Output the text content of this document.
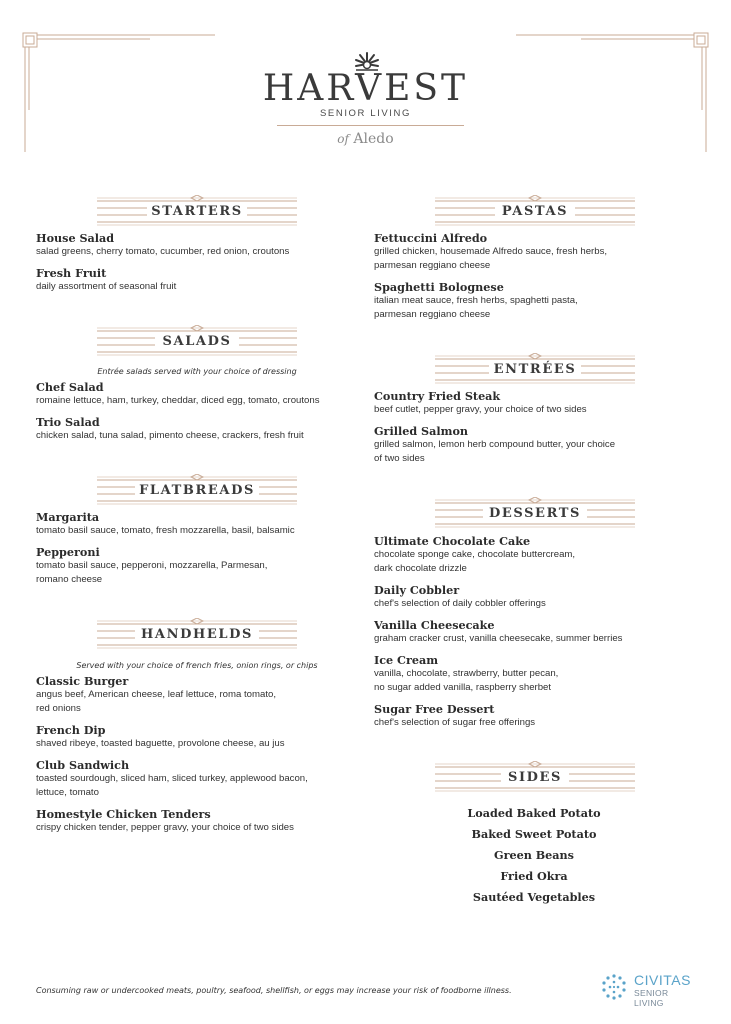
HARVEST
SENIOR LIVING
of Aledo
STARTERS
House Salad
salad greens, cherry tomato, cucumber, red onion, croutons
Fresh Fruit
daily assortment of seasonal fruit
SALADS
Entrée salads served with your choice of dressing
Chef Salad
romaine lettuce, ham, turkey, cheddar, diced egg, tomato, croutons
Trio Salad
chicken salad, tuna salad, pimento cheese, crackers, fresh fruit
FLATBREADS
Margarita
tomato basil sauce, tomato, fresh mozzarella, basil, balsamic
Pepperoni
tomato basil sauce, pepperoni, mozzarella, Parmesan,
romano cheese
HANDHELDS
Served with your choice of french fries, onion rings, or chips
Classic Burger
angus beef, American cheese, leaf lettuce, roma tomato,
red onions
French Dip
shaved ribeye, toasted baguette, provolone cheese, au jus
Club Sandwich
toasted sourdough, sliced ham, sliced turkey, applewood bacon,
lettuce, tomato
Homestyle Chicken Tenders
crispy chicken tender, pepper gravy, your choice of two sides
PASTAS
Fettuccini Alfredo
grilled chicken, housemade Alfredo sauce, fresh herbs,
parmesan reggiano cheese
Spaghetti Bolognese
italian meat sauce, fresh herbs, spaghetti pasta,
parmesan reggiano cheese
ENTRÉES
Country Fried Steak
beef cutlet, pepper gravy, your choice of two sides
Grilled Salmon
grilled salmon, lemon herb compound butter, your choice
of two sides
DESSERTS
Ultimate Chocolate Cake
chocolate sponge cake, chocolate buttercream,
dark chocolate drizzle
Daily Cobbler
chef's selection of daily cobbler offerings
Vanilla Cheesecake
graham cracker crust, vanilla cheesecake, summer berries
Ice Cream
vanilla, chocolate, strawberry, butter pecan,
no sugar added vanilla, raspberry sherbet
Sugar Free Dessert
chef's selection of sugar free offerings
SIDES
Loaded Baked Potato
Baked Sweet Potato
Green Beans
Fried Okra
Sautéed Vegetables
Consuming raw or undercooked meats, poultry, seafood, shellfish, or eggs may increase your risk of foodborne illness.
CIVITAS
SENIOR LIVING
